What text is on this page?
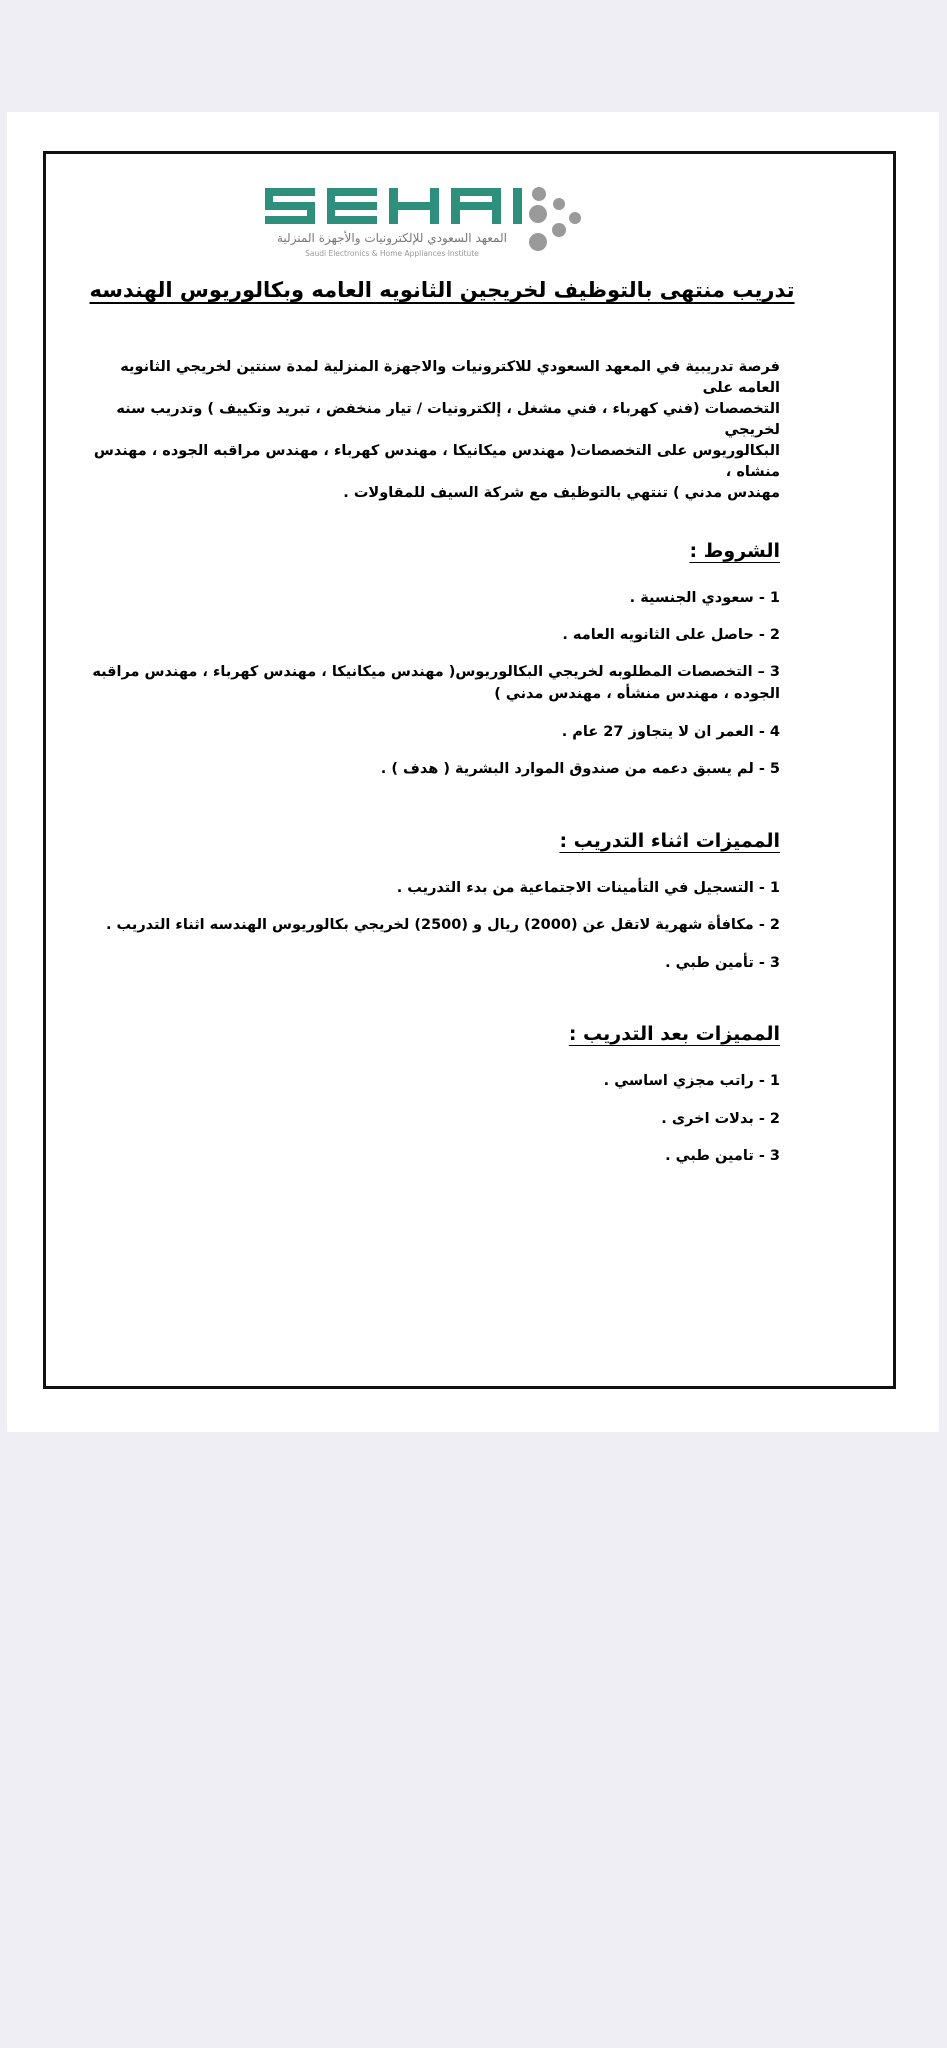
المعهد السعودي للإلكترونيات والأجهزة المنزلية
Saudi Electronics & Home Appliances Institute
تدريب منتهى بالتوظيف لخريجين الثانويه العامه وبكالوريوس الهندسه
فرصة تدريبية في المعهد السعودي للاكترونيات والاجهزة المنزلية لمدة سنتين لخريجي الثانويه العامه على
التخصصات (فني كهرباء ، فني مشغل ، إلكترونيات / تيار منخفض ، تبريد وتكييف ) وتدريب سنه لخريجي
البكالوريوس على التخصصات( مهندس ميكانيكا ، مهندس كهرباء ، مهندس مراقبه الجوده ، مهندس منشاه ،
مهندس مدني ) تنتهي بالتوظيف مع شركة السيف للمقاولات .
الشروط :
1 - سعودي الجنسية .
2 - حاصل على الثانويه العامه .
3 – التخصصات المطلوبه لخريجي البكالوريوس( مهندس ميكانيكا ، مهندس كهرباء ، مهندس مراقبه الجوده ، مهندس منشأه ، مهندس مدني )
4 - العمر ان لا يتجاوز 27 عام .
5 - لم يسبق دعمه من صندوق الموارد البشرية ( هدف ) .
المميزات اثناء التدريب :
1 - التسجيل في التأمينات الاجتماعية من بدء التدريب .
2 - مكافأة شهرية لاتقل عن (2000) ريال و (2500) لخريجي بكالوريوس الهندسه اثناء التدريب .
3 - تأمين طبي .
المميزات بعد التدريب :
1 - راتب مجزي اساسي .
2 - بدلات اخرى .
3 - تامين طبي .
